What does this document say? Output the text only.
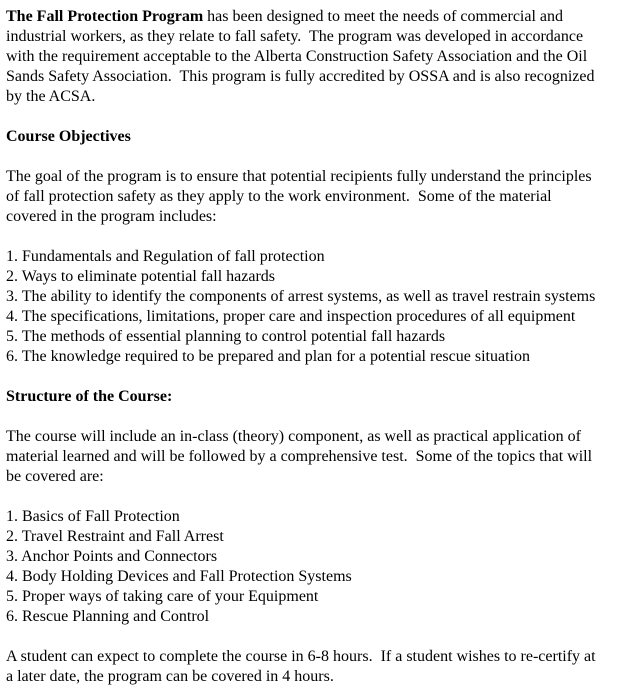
The Fall Protection Program has been designed to meet the needs of commercial and
industrial workers, as they relate to fall safety.  The program was developed in accordance
with the requirement acceptable to the Alberta Construction Safety Association and the Oil
Sands Safety Association.  This program is fully accredited by OSSA and is also recognized
by the ACSA.
Course Objectives
The goal of the program is to ensure that potential recipients fully understand the principles
of fall protection safety as they apply to the work environment.  Some of the material
covered in the program includes:
1. Fundamentals and Regulation of fall protection
2. Ways to eliminate potential fall hazards
3. The ability to identify the components of arrest systems, as well as travel restrain systems
4. The specifications, limitations, proper care and inspection procedures of all equipment
5. The methods of essential planning to control potential fall hazards
6. The knowledge required to be prepared and plan for a potential rescue situation
Structure of the Course:
The course will include an in-class (theory) component, as well as practical application of
material learned and will be followed by a comprehensive test.  Some of the topics that will
be covered are:
1. Basics of Fall Protection
2. Travel Restraint and Fall Arrest
3. Anchor Points and Connectors
4. Body Holding Devices and Fall Protection Systems
5. Proper ways of taking care of your Equipment
6. Rescue Planning and Control
A student can expect to complete the course in 6-8 hours.  If a student wishes to re-certify at
a later date, the program can be covered in 4 hours.
